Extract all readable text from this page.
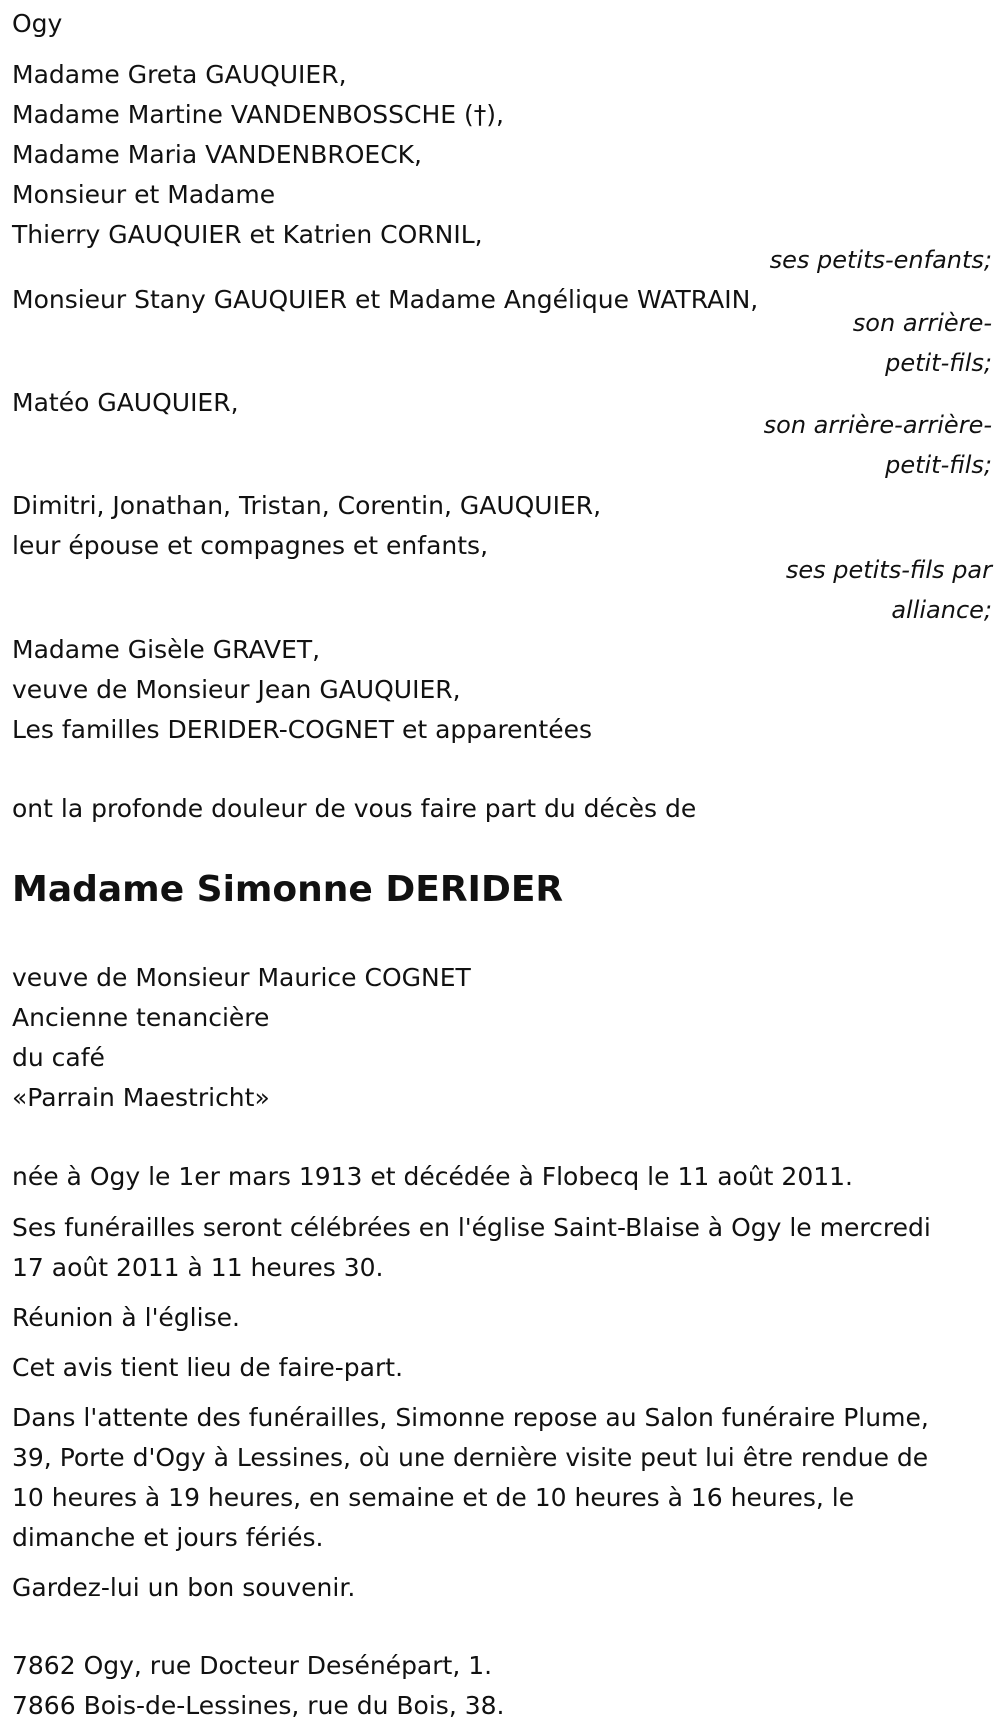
Ogy

Madame Greta GAUQUIER,

Madame Martine VANDENBOSSCHE (†),

Madame Maria VANDENBROECK,

Monsieur et Madame

Thierry GAUQUIER et Katrien CORNIL,

ses petits-enfants;

Monsieur Stany GAUQUIER et Madame Angélique WATRAIN,

son arrière-
petit-fils;

Matéo GAUQUIER,

son arrière-arrière-
petit-fils;

Dimitri, Jonathan, Tristan, Corentin, GAUQUIER,

leur épouse et compagnes et enfants,

ses petits-fils par
alliance;

Madame Gisèle GRAVET,

veuve de Monsieur Jean GAUQUIER,

Les familles DERIDER-COGNET et apparentées

ont la profonde douleur de vous faire part du décès de

Madame Simonne DERIDER

veuve de Monsieur Maurice COGNET

Ancienne tenancière

du café

«Parrain Maestricht»

née à Ogy le 1er mars 1913 et décédée à Flobecq le 11 août 2011.

Ses funérailles seront célébrées en l'église Saint-Blaise à Ogy le mercredi

17 août 2011 à 11 heures 30.

Réunion à l'église.

Cet avis tient lieu de faire-part.

Dans l'attente des funérailles, Simonne repose au Salon funéraire Plume,

39, Porte d'Ogy à Lessines, où une dernière visite peut lui être rendue de

10 heures à 19 heures, en semaine et de 10 heures à 16 heures, le

dimanche et jours fériés.

Gardez-lui un bon souvenir.

7862 Ogy, rue Docteur Desénépart, 1.

7866 Bois-de-Lessines, rue du Bois, 38.
